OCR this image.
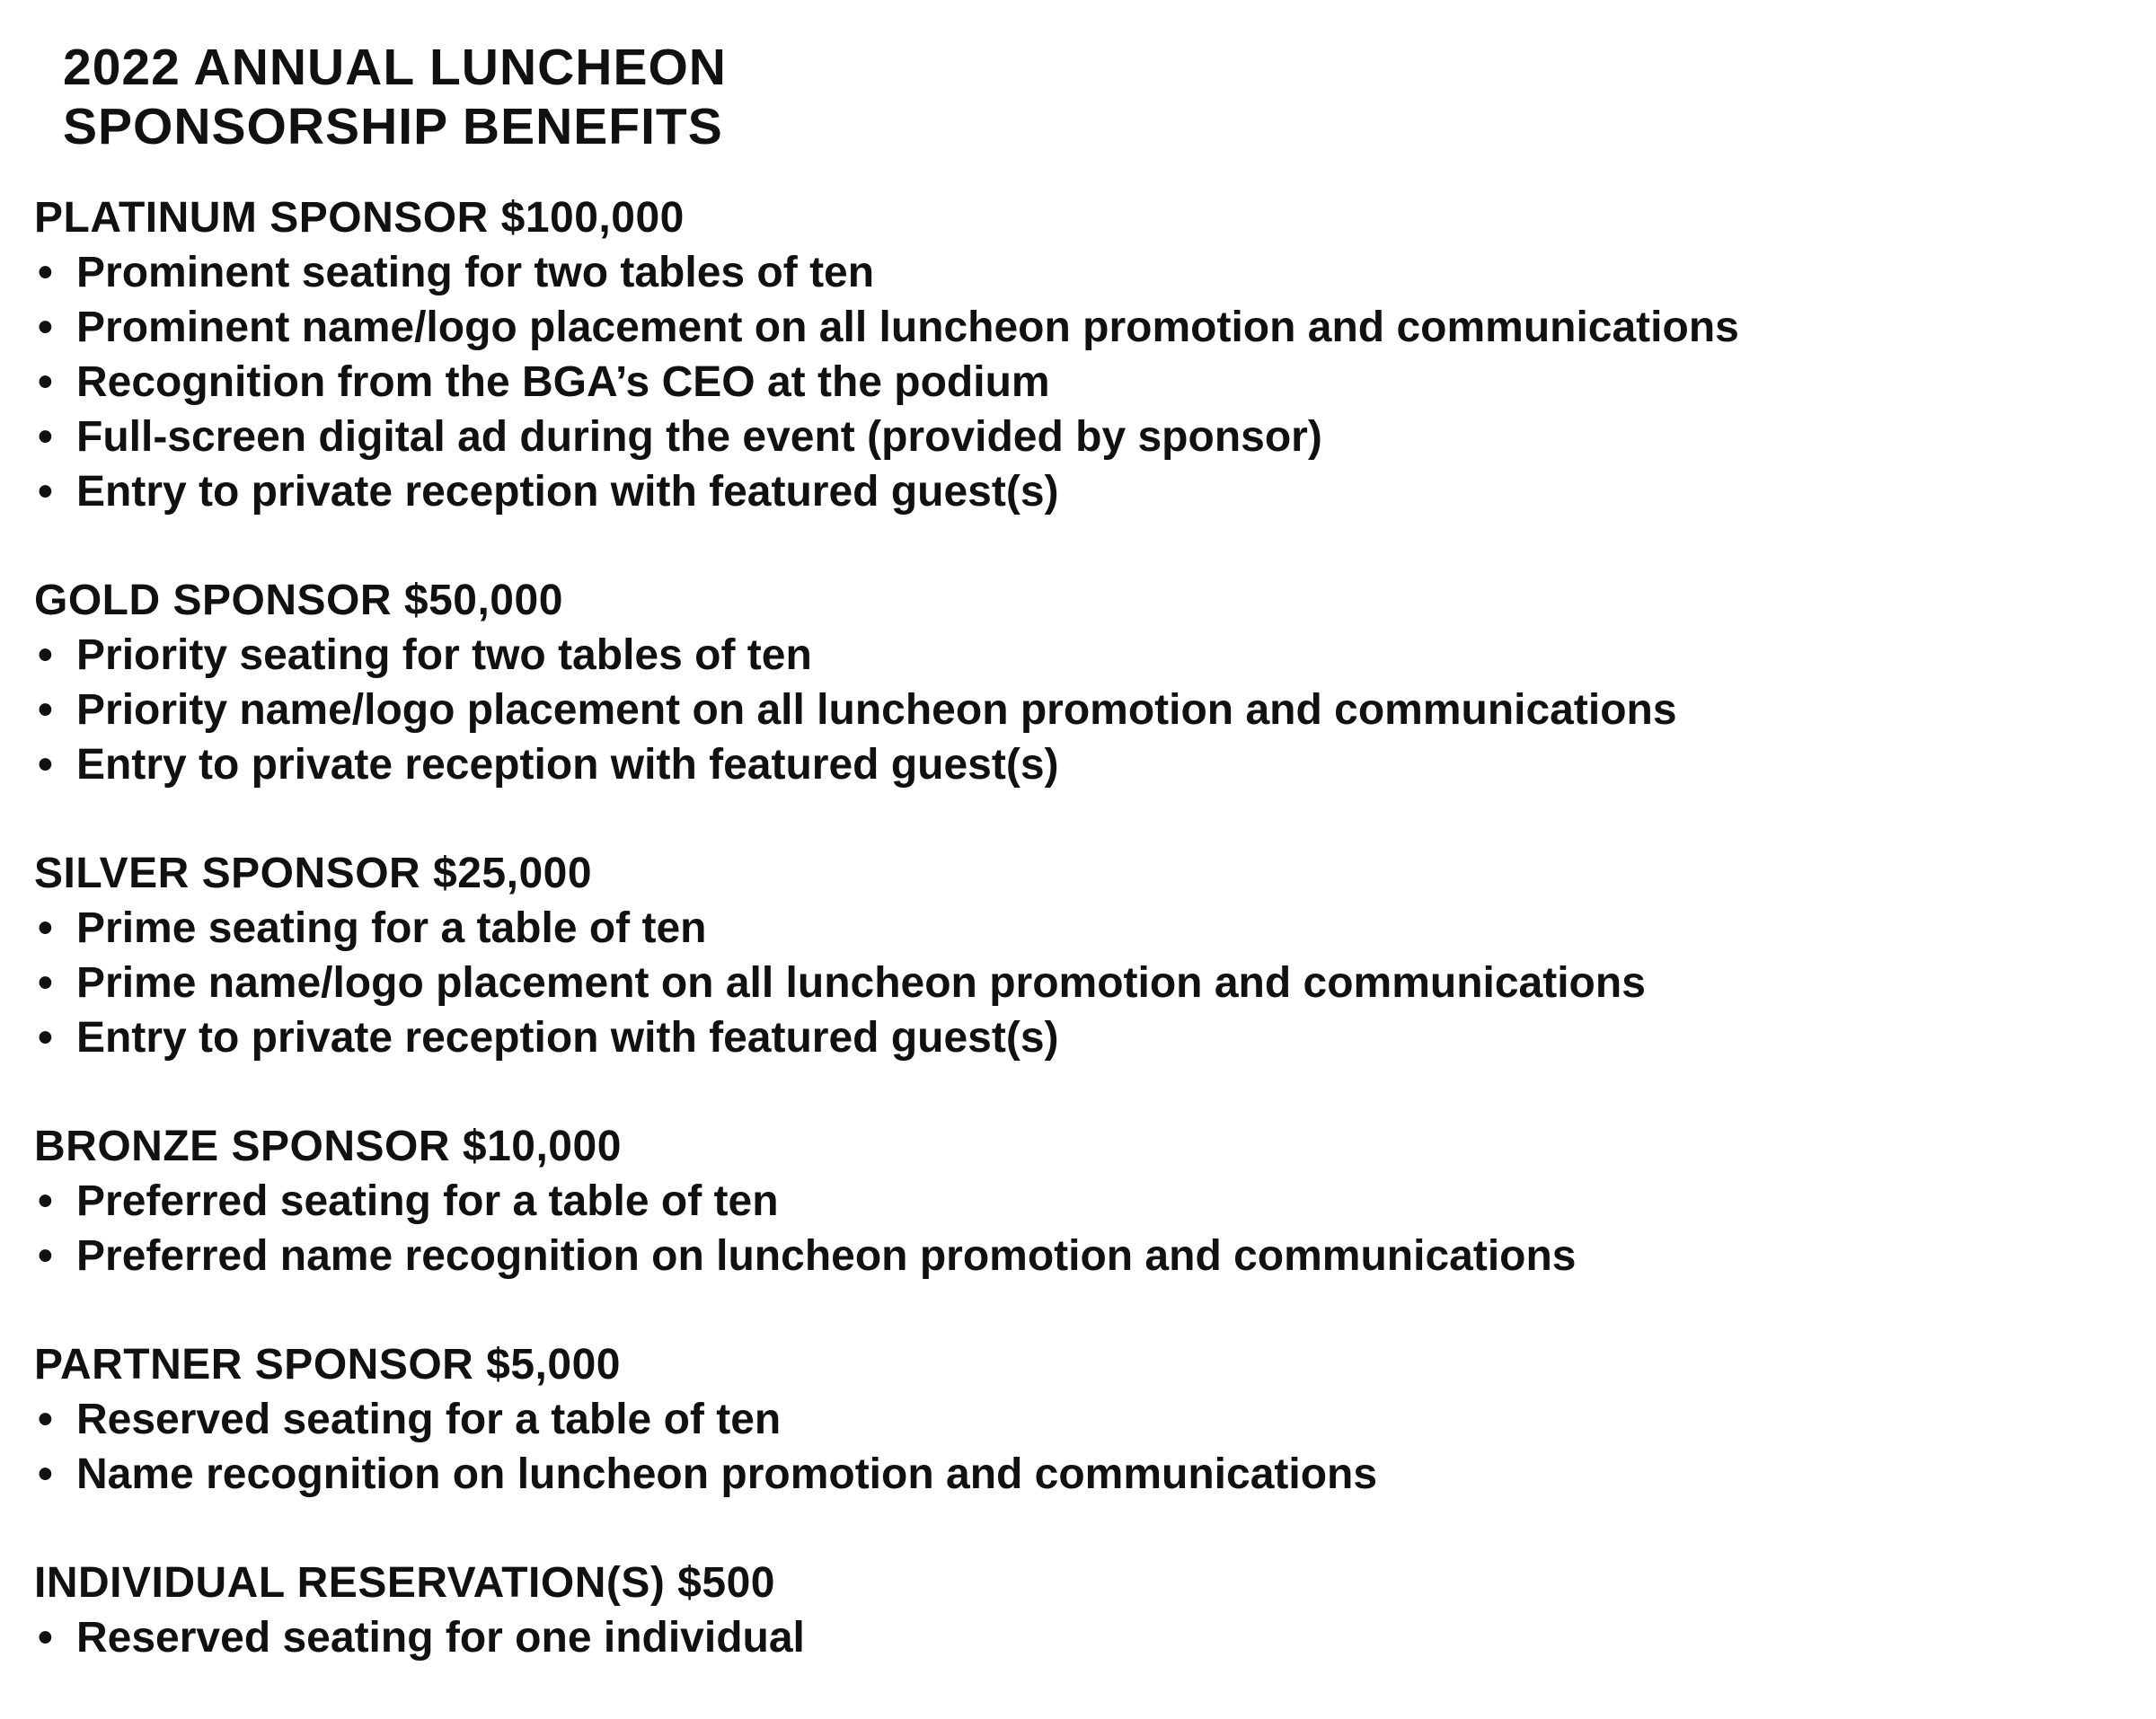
2022 ANNUAL LUNCHEON
SPONSORSHIP BENEFITS
PLATINUM SPONSOR $100,000
• Prominent seating for two tables of ten
• Prominent name/logo placement on all luncheon promotion and communications
• Recognition from the BGA’s CEO at the podium
• Full-screen digital ad during the event (provided by sponsor)
• Entry to private reception with featured guest(s)
GOLD SPONSOR $50,000
• Priority seating for two tables of ten
• Priority name/logo placement on all luncheon promotion and communications
• Entry to private reception with featured guest(s)
SILVER SPONSOR $25,000
• Prime seating for a table of ten
• Prime name/logo placement on all luncheon promotion and communications
• Entry to private reception with featured guest(s)
BRONZE SPONSOR $10,000
• Preferred seating for a table of ten
• Preferred name recognition on luncheon promotion and communications
PARTNER SPONSOR $5,000
• Reserved seating for a table of ten
• Name recognition on luncheon promotion and communications
INDIVIDUAL RESERVATION(S) $500
• Reserved seating for one individual
